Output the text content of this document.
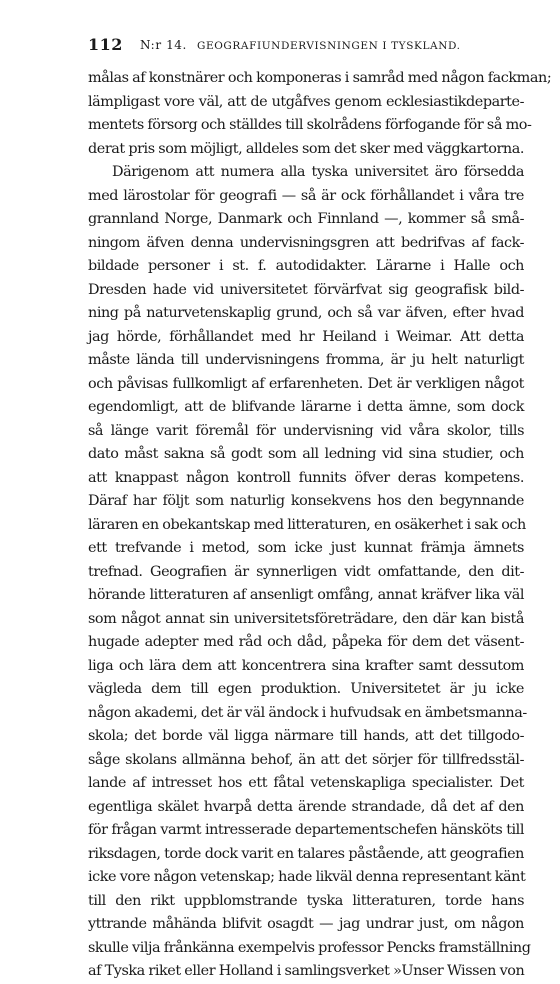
112 N:r 14. GEOGRAFIUNDERVISNINGEN I TYSKLAND.
målas af konstnärer och komponeras i samråd med någon fackman;
lämpligast vore väl, att de utgåfves genom ecklesiastikdeparte-
mentets försorg och ställdes till skolrådens förfogande för så mo-
derat pris som möjligt, alldeles som det sker med väggkartorna.
Därigenom att numera alla tyska universitet äro försedda
med lärostolar för geografi — så är ock förhållandet i våra tre
grannland Norge, Danmark och Finnland —, kommer så små-
ningom äfven denna undervisningsgren att bedrifvas af fack-
bildade personer i st. f. autodidakter. Lärarne i Halle och
Dresden hade vid universitetet förvärfvat sig geografisk bild-
ning på naturvetenskaplig grund, och så var äfven, efter hvad
jag hörde, förhållandet med hr Heiland i Weimar. Att detta
måste lända till undervisningens fromma, är ju helt naturligt
och påvisas fullkomligt af erfarenheten. Det är verkligen något
egendomligt, att de blifvande lärarne i detta ämne, som dock
så länge varit föremål för undervisning vid våra skolor, tills
dato måst sakna så godt som all ledning vid sina studier, och
att knappast någon kontroll funnits öfver deras kompetens.
Däraf har följt som naturlig konsekvens hos den begynnande
läraren en obekantskap med litteraturen, en osäkerhet i sak och
ett trefvande i metod, som icke just kunnat främja ämnets
trefnad. Geografien är synnerligen vidt omfattande, den dit-
hörande litteraturen af ansenligt omfång, annat kräfver lika väl
som något annat sin universitetsföreträdare, den där kan bistå
hugade adepter med råd och dåd, påpeka för dem det väsent-
liga och lära dem att koncentrera sina krafter samt dessutom
vägleda dem till egen produktion. Universitetet är ju icke
någon akademi, det är väl ändock i hufvudsak en ämbetsmanna-
skola; det borde väl ligga närmare till hands, att det tillgodo-
såge skolans allmänna behof, än att det sörjer för tillfredsstäl-
lande af intresset hos ett fåtal vetenskapliga specialister. Det
egentliga skälet hvarpå detta ärende strandade, då det af den
för frågan varmt intresserade departementschefen hänsköts till
riksdagen, torde dock varit en talares påstående, att geografien
icke vore någon vetenskap; hade likväl denna representant känt
till den rikt uppblomstrande tyska litteraturen, torde hans
yttrande måhända blifvit osagdt — jag undrar just, om någon
skulle vilja frånkänna exempelvis professor Pencks framställning
af Tyska riket eller Holland i samlingsverket »Unser Wissen von
